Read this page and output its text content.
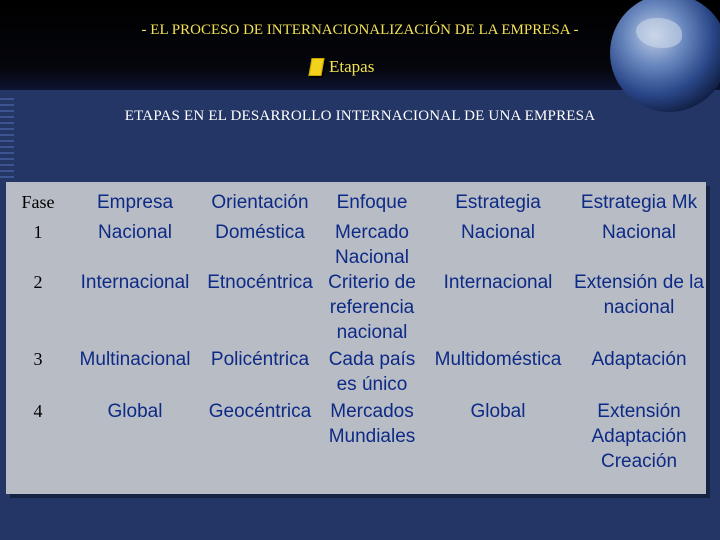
- EL PROCESO DE INTERNACIONALIZACIÓN DE LA EMPRESA -
Etapas
ETAPAS EN EL DESARROLLO INTERNACIONAL DE UNA EMPRESA
Fase	Empresa	Orientación	Enfoque	Estrategia	Estrategia Mk
1	Nacional	Doméstica	Mercado Nacional	Nacional	Nacional
2	Internacional	Etnocéntrica	Criterio de referencia nacional	Internacional	Extensión de la nacional
3	Multinacional	Policéntrica	Cada país es único	Multidoméstica	Adaptación
4	Global	Geocéntrica	Mercados Mundiales	Global	Extensión Adaptación Creación
